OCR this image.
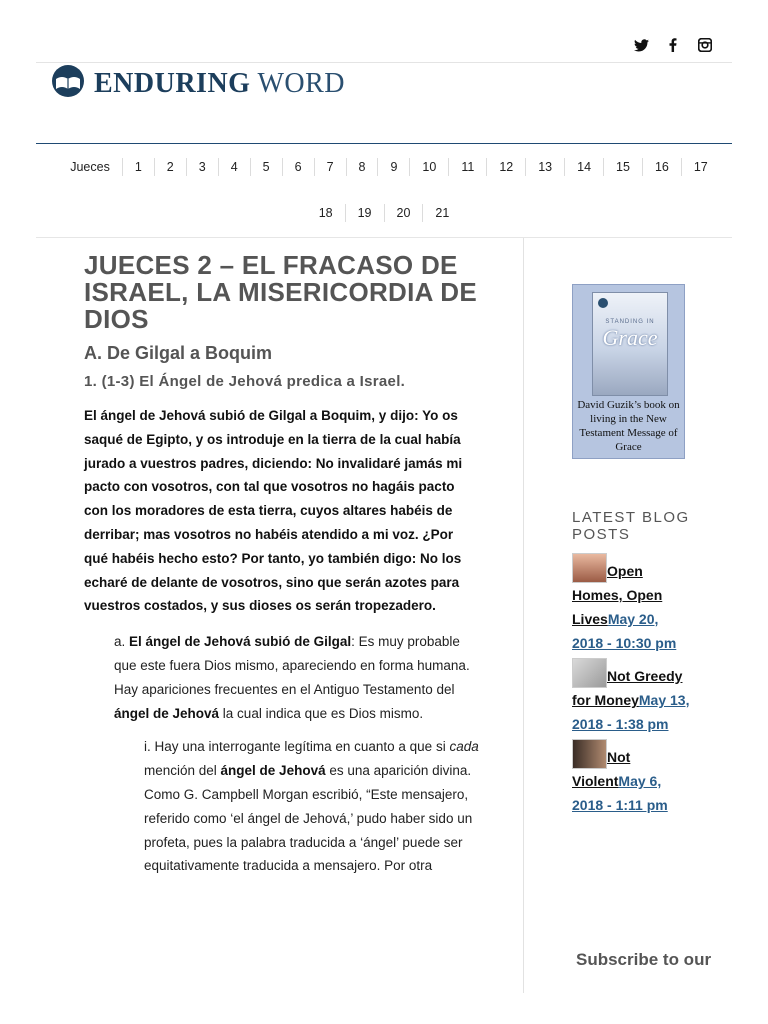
ENDURING WORD
Jueces	1	2	3	4	5	6	7	8	9	10	11	12	13	14	15	16	17
18	19	20	21
JUECES 2 – EL FRACASO DE ISRAEL, LA MISERICORDIA DE DIOS
A. De Gilgal a Boquim
1. (1-3) El Ángel de Jehová predica a Israel.

El ángel de Jehová subió de Gilgal a Boquim, y dijo: Yo os saqué de Egipto, y os introduje en la tierra de la cual había jurado a vuestros padres, diciendo: No invalidaré jamás mi pacto con vosotros, con tal que vosotros no hagáis pacto con los moradores de esta tierra, cuyos altares habéis de derribar; mas vosotros no habéis atendido a mi voz. ¿Por qué habéis hecho esto? Por tanto, yo también digo: No los echaré de delante de vosotros, sino que serán azotes para vuestros costados, y sus dioses os serán tropezadero.

a. El ángel de Jehová subió de Gilgal: Es muy probable que este fuera Dios mismo, apareciendo en forma humana. Hay apariciones frecuentes en el Antiguo Testamento del ángel de Jehová la cual indica que es Dios mismo.

i. Hay una interrogante legítima en cuanto a que si cada mención del ángel de Jehová es una aparición divina. Como G. Campbell Morgan escribió, “Este mensajero, referido como ‘el ángel de Jehová,’ pudo haber sido un profeta, pues la palabra traducida a ‘ángel’ puede ser equitativamente traducida a mensajero. Por otra

STANDING IN
Grace
David Guzik’s book on living in the New Testament Message of Grace
LATEST BLOG POSTS
Open Homes, Open LivesMay 20, 2018 - 10:30 pm
Not Greedy for MoneyMay 13, 2018 - 1:38 pm
Not ViolentMay 6, 2018 - 1:11 pm
Subscribe to our
